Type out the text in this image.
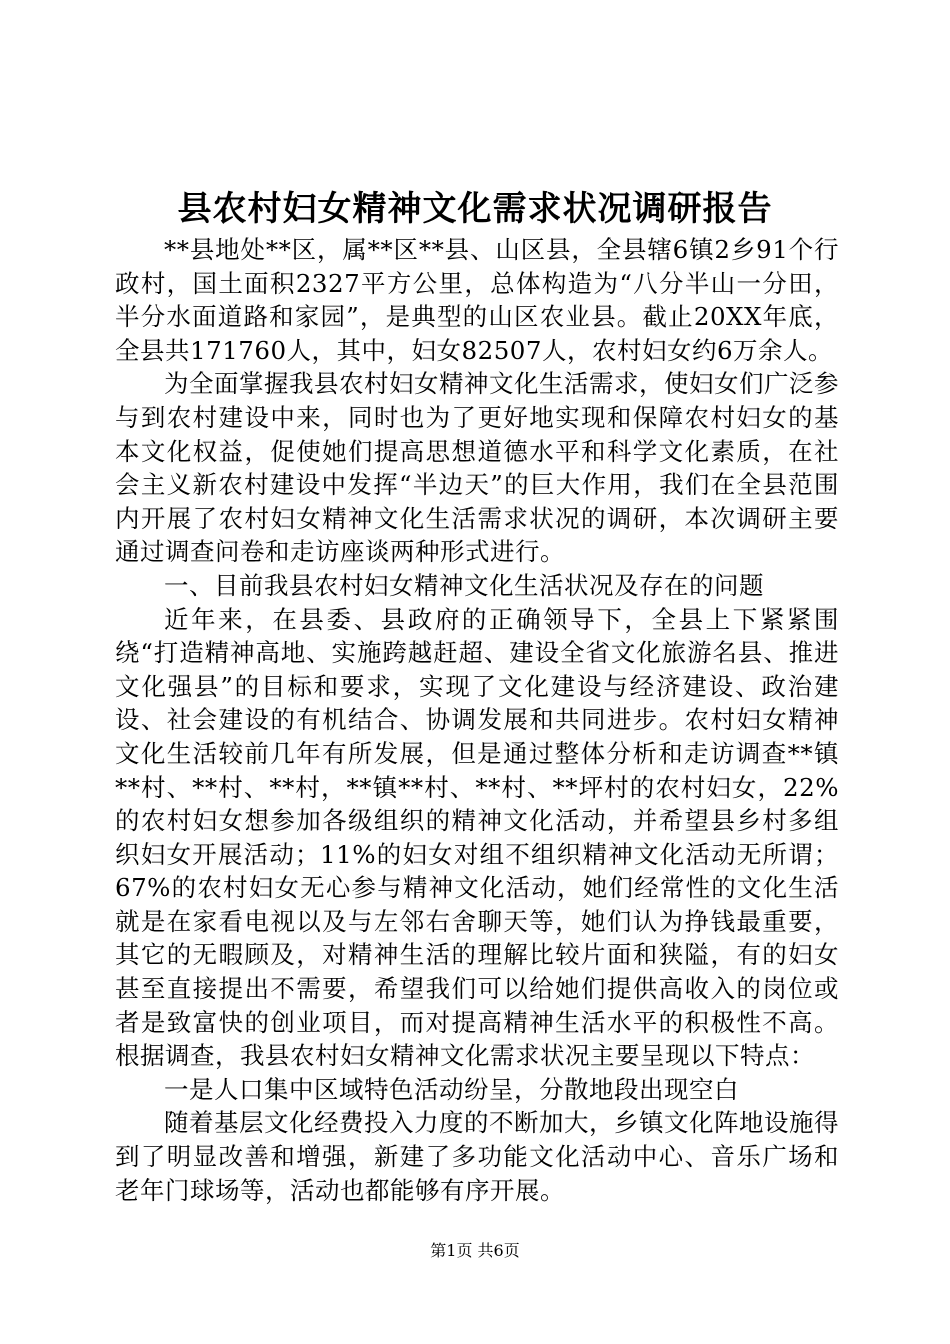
县农村妇女精神文化需求状况调研报告

**县地处**区，属**区**县、山区县，全县辖6镇2乡91个行政村，国土面积2327平方公里，总体构造为“八分半山一分田，半分水面道路和家园”，是典型的山区农业县。截止20XX年底，全县共171760人，其中，妇女82507人，农村妇女约6万余人。

为全面掌握我县农村妇女精神文化生活需求，使妇女们广泛参与到农村建设中来，同时也为了更好地实现和保障农村妇女的基本文化权益，促使她们提高思想道德水平和科学文化素质，在社会主义新农村建设中发挥“半边天”的巨大作用，我们在全县范围内开展了农村妇女精神文化生活需求状况的调研，本次调研主要通过调查问卷和走访座谈两种形式进行。

一、目前我县农村妇女精神文化生活状况及存在的问题

近年来，在县委、县政府的正确领导下，全县上下紧紧围绕“打造精神高地、实施跨越赶超、建设全省文化旅游名县、推进文化强县”的目标和要求，实现了文化建设与经济建设、政治建设、社会建设的有机结合、协调发展和共同进步。农村妇女精神文化生活较前几年有所发展，但是通过整体分析和走访调查**镇**村、**村、**村，**镇**村、**村、**坪村的农村妇女，22%的农村妇女想参加各级组织的精神文化活动，并希望县乡村多组织妇女开展活动；11%的妇女对组不组织精神文化活动无所谓；67%的农村妇女无心参与精神文化活动，她们经常性的文化生活就是在家看电视以及与左邻右舍聊天等，她们认为挣钱最重要，其它的无暇顾及，对精神生活的理解比较片面和狭隘，有的妇女甚至直接提出不需要，希望我们可以给她们提供高收入的岗位或者是致富快的创业项目，而对提高精神生活水平的积极性不高。根据调查，我县农村妇女精神文化需求状况主要呈现以下特点：

一是人口集中区域特色活动纷呈，分散地段出现空白

随着基层文化经费投入力度的不断加大，乡镇文化阵地设施得到了明显改善和增强，新建了多功能文化活动中心、音乐广场和老年门球场等，活动也都能够有序开展。

第1页 共6页
